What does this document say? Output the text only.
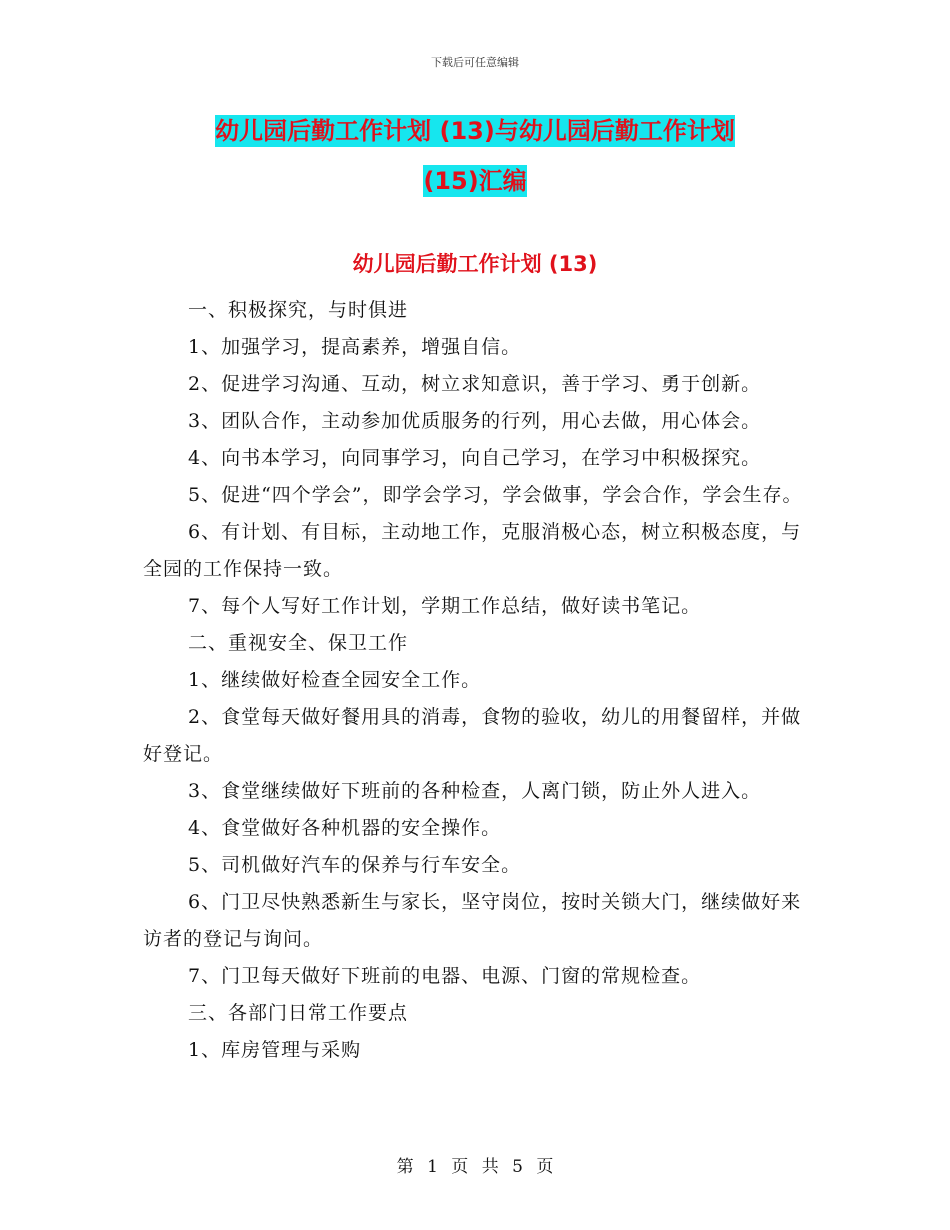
下载后可任意编辑
幼儿园后勤工作计划 (13)与幼儿园后勤工作计划
(15)汇编
幼儿园后勤工作计划 (13)

一、积极探究，与时俱进

1、加强学习，提高素养，增强自信。

2、促进学习沟通、互动，树立求知意识，善于学习、勇于创新。

3、团队合作，主动参加优质服务的行列，用心去做，用心体会。

4、向书本学习，向同事学习，向自己学习，在学习中积极探究。

5、促进“四个学会”，即学会学习，学会做事，学会合作，学会生存。

6、有计划、有目标，主动地工作，克服消极心态，树立积极态度，与全园的工作保持一致。

7、每个人写好工作计划，学期工作总结，做好读书笔记。

二、重视安全、保卫工作

1、继续做好检查全园安全工作。

2、食堂每天做好餐用具的消毒，食物的验收，幼儿的用餐留样，并做好登记。

3、食堂继续做好下班前的各种检查，人离门锁，防止外人进入。

4、食堂做好各种机器的安全操作。

5、司机做好汽车的保养与行车安全。

6、门卫尽快熟悉新生与家长，坚守岗位，按时关锁大门，继续做好来访者的登记与询问。

7、门卫每天做好下班前的电器、电源、门窗的常规检查。

三、各部门日常工作要点

1、库房管理与采购

第 1 页 共 5 页
